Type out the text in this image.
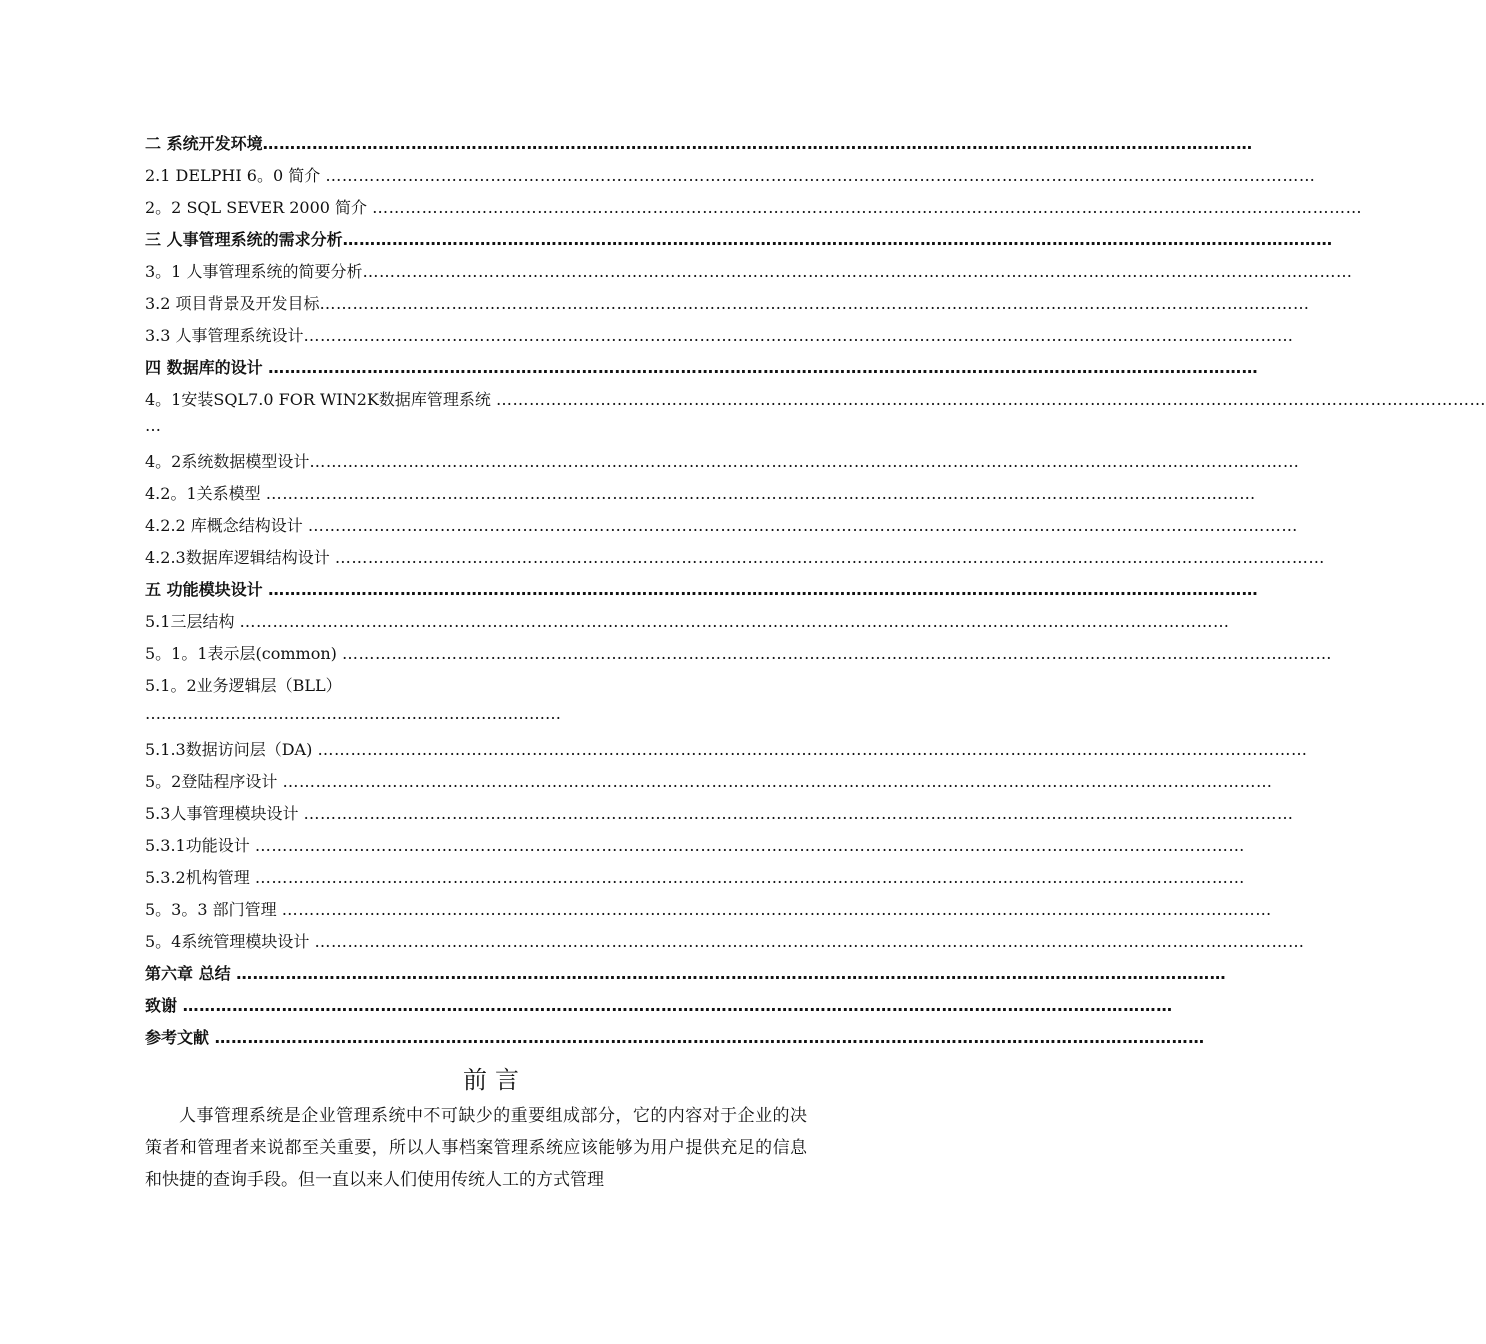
二 系统开发环境………………………………………………………………………………………………………………………………………………………………
2.1 DELPHI 6。0 简介 ………………………………………………………………………………………………………………………………………………………………
2。2 SQL SEVER 2000 简介 ………………………………………………………………………………………………………………………………………………………………
三 人事管理系统的需求分析………………………………………………………………………………………………………………………………………………………………
3。1 人事管理系统的简要分析………………………………………………………………………………………………………………………………………………………………
3.2 项目背景及开发目标………………………………………………………………………………………………………………………………………………………………
3.3 人事管理系统设计………………………………………………………………………………………………………………………………………………………………
四 数据库的设计 ………………………………………………………………………………………………………………………………………………………………
4。1安装SQL7.0 FOR WIN2K数据库管理系统 ………………………………………………………………………………………………………………………………………………………………
4。2系统数据模型设计………………………………………………………………………………………………………………………………………………………………
4.2。1关系模型 ………………………………………………………………………………………………………………………………………………………………
4.2.2 库概念结构设计 ………………………………………………………………………………………………………………………………………………………………
4.2.3数据库逻辑结构设计 ………………………………………………………………………………………………………………………………………………………………
五 功能模块设计 ………………………………………………………………………………………………………………………………………………………………
5.1三层结构 ………………………………………………………………………………………………………………………………………………………………
5。1。1表示层(common) ………………………………………………………………………………………………………………………………………………………………
5.1。2业务逻辑层（BLL）
5.1.3数据访问层（DA) ………………………………………………………………………………………………………………………………………………………………
5。2登陆程序设计 ………………………………………………………………………………………………………………………………………………………………
5.3人事管理模块设计 ………………………………………………………………………………………………………………………………………………………………
5.3.1功能设计 ………………………………………………………………………………………………………………………………………………………………
5.3.2机构管理 ………………………………………………………………………………………………………………………………………………………………
5。3。3 部门管理 ………………………………………………………………………………………………………………………………………………………………
5。4系统管理模块设计 ………………………………………………………………………………………………………………………………………………………………
第六章 总结 ………………………………………………………………………………………………………………………………………………………………
致谢 ………………………………………………………………………………………………………………………………………………………………
参考文献 ………………………………………………………………………………………………………………………………………………………………
…
……………………………………………………………………
前言
人事管理系统是企业管理系统中不可缺少的重要组成部分，它的内容对于企业的决策者和管理者来说都至关重要，所以人事档案管理系统应该能够为用户提供充足的信息和快捷的查询手段。但一直以来人们使用传统人工的方式管理
